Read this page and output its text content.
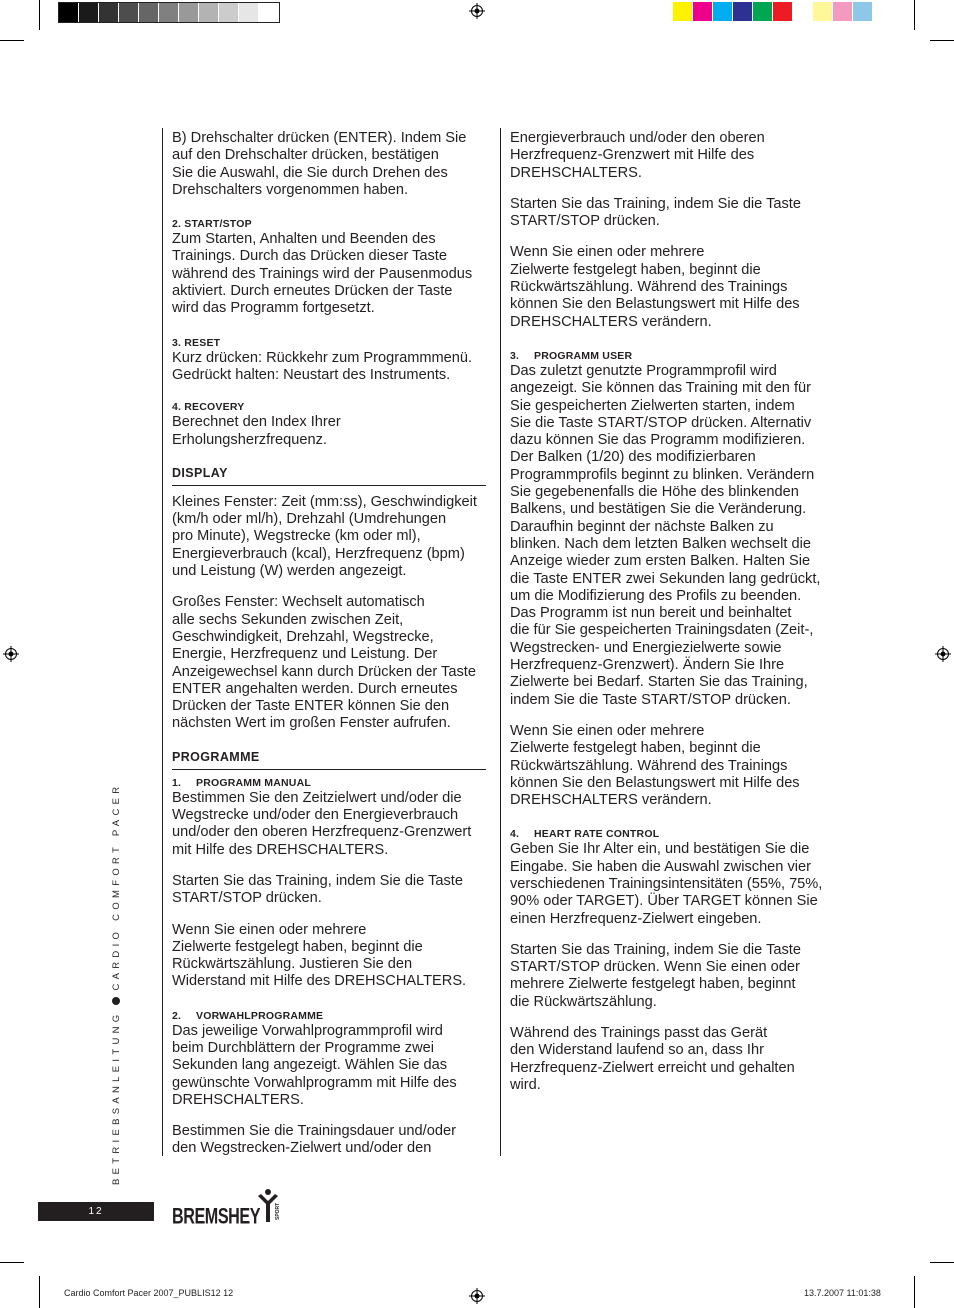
B) Drehschalter drücken (ENTER). Indem Sie
auf den Drehschalter drücken, bestätigen
Sie die Auswahl, die Sie durch Drehen des
Drehschalters vorgenommen haben.

2. START/STOP

Zum Starten, Anhalten und Beenden des
Trainings. Durch das Drücken dieser Taste
während des Trainings wird der Pausenmodus
aktiviert. Durch erneutes Drücken der Taste
wird das Programm fortgesetzt.

3. RESET

Kurz drücken: Rückkehr zum Programmmenü.
Gedrückt halten: Neustart des Instruments.

4. RECOVERY

Berechnet den Index Ihrer
Erholungsherzfrequenz.

DISPLAY

Kleines Fenster: Zeit (mm:ss), Geschwindigkeit
(km/h oder ml/h), Drehzahl (Umdrehungen
pro Minute), Wegstrecke (km oder ml),
Energieverbrauch (kcal), Herzfrequenz (bpm)
und Leistung (W) werden angezeigt.

Großes Fenster: Wechselt automatisch
alle sechs Sekunden zwischen Zeit,
Geschwindigkeit, Drehzahl, Wegstrecke,
Energie, Herzfrequenz und Leistung. Der
Anzeigewechsel kann durch Drücken der Taste
ENTER angehalten werden. Durch erneutes
Drücken der Taste ENTER können Sie den
nächsten Wert im großen Fenster aufrufen.

PROGRAMME
1. PROGRAMM MANUAL

Bestimmen Sie den Zeitzielwert und/oder die
Wegstrecke und/oder den Energieverbrauch
und/oder den oberen Herzfrequenz-Grenzwert
mit Hilfe des DREHSCHALTERS.

Starten Sie das Training, indem Sie die Taste
START/STOP drücken.

Wenn Sie einen oder mehrere
Zielwerte festgelegt haben, beginnt die
Rückwärtszählung. Justieren Sie den
Widerstand mit Hilfe des DREHSCHALTERS.

2. VORWAHLPROGRAMME

Das jeweilige Vorwahlprogrammprofil wird
beim Durchblättern der Programme zwei
Sekunden lang angezeigt. Wählen Sie das
gewünschte Vorwahlprogramm mit Hilfe des
DREHSCHALTERS.

Bestimmen Sie die Trainingsdauer und/oder
den Wegstrecken-Zielwert und/oder den

Energieverbrauch und/oder den oberen
Herzfrequenz-Grenzwert mit Hilfe des
DREHSCHALTERS.

Starten Sie das Training, indem Sie die Taste
START/STOP drücken.

Wenn Sie einen oder mehrere
Zielwerte festgelegt haben, beginnt die
Rückwärtszählung. Während des Trainings
können Sie den Belastungswert mit Hilfe des
DREHSCHALTERS verändern.

3. PROGRAMM USER

Das zuletzt genutzte Programmprofil wird
angezeigt. Sie können das Training mit den für
Sie gespeicherten Zielwerten starten, indem
Sie die Taste START/STOP drücken. Alternativ
dazu können Sie das Programm modifizieren.
Der Balken (1/20) des modifizierbaren
Programmprofils beginnt zu blinken. Verändern
Sie gegebenenfalls die Höhe des blinkenden
Balkens, und bestätigen Sie die Veränderung.
Daraufhin beginnt der nächste Balken zu
blinken. Nach dem letzten Balken wechselt die
Anzeige wieder zum ersten Balken. Halten Sie
die Taste ENTER zwei Sekunden lang gedrückt,
um die Modifizierung des Profils zu beenden.
Das Programm ist nun bereit und beinhaltet
die für Sie gespeicherten Trainingsdaten (Zeit-,
Wegstrecken- und Energiezielwerte sowie
Herzfrequenz-Grenzwert). Ändern Sie Ihre
Zielwerte bei Bedarf. Starten Sie das Training,
indem Sie die Taste START/STOP drücken.

Wenn Sie einen oder mehrere
Zielwerte festgelegt haben, beginnt die
Rückwärtszählung. Während des Trainings
können Sie den Belastungswert mit Hilfe des
DREHSCHALTERS verändern.

4. HEART RATE CONTROL

Geben Sie Ihr Alter ein, und bestätigen Sie die
Eingabe. Sie haben die Auswahl zwischen vier
verschiedenen Trainingsintensitäten (55%, 75%,
90% oder TARGET). Über TARGET können Sie
einen Herzfrequenz-Zielwert eingeben.

Starten Sie das Training, indem Sie die Taste
START/STOP drücken. Wenn Sie einen oder
mehrere Zielwerte festgelegt haben, beginnt
die Rückwärtszählung.

Während des Trainings passt das Gerät
den Widerstand laufend so an, dass Ihr
Herzfrequenz-Zielwert erreicht und gehalten
wird.

BETRIEBSANLEITUNGCARDIO COMFORT PACER
12	BREMSHEY	SPORT
Cardio Comfort Pacer 2007_PUBLIS12 12	13.7.2007 11:01:38
